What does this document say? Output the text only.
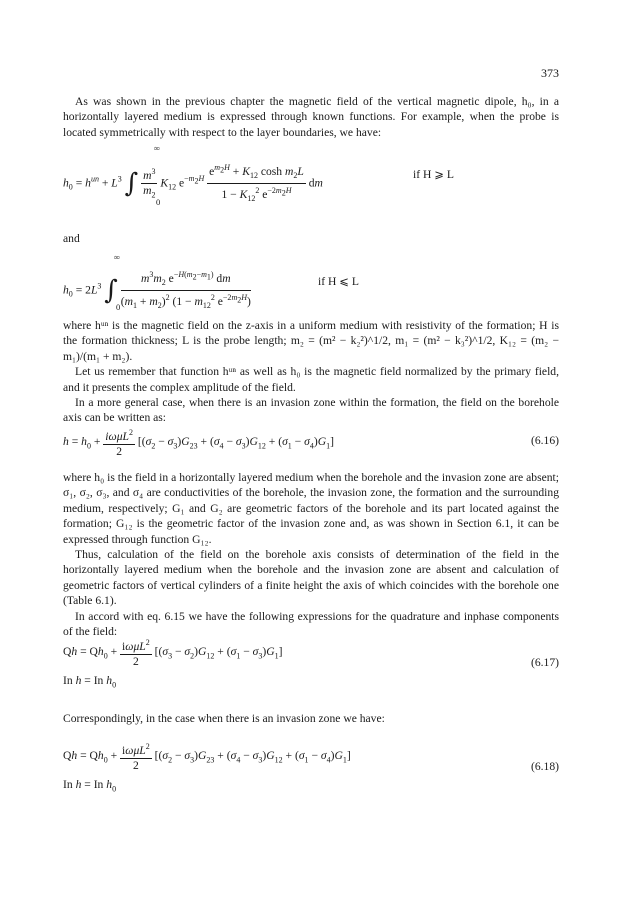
373

As was shown in the previous chapter the magnetic field of the vertical magnetic dipole, h₀, in a horizontally layered medium is expressed through known functions. For example, when the probe is located symmetrically with respect to the layer boundaries, we have:

$h_0 = h^{un} + L^3$ ∫ $\frac{m^3}{m_2} K_{12}$ $e^{-m_2H} \frac{e^{m_2H} + K_{12} \cosh m_2L}{1 - K_{12}^2 e^{-2m_2H}}$ dm
∞
0
if H ⩾ L

and

$h_0 = 2L^3$ ∫ $\frac{m^3m_2 e^{-H(m_2-m_1)} dm}{(m_1 + m_2)^2 (1 - m_{12}^2 e^{-2m_2H})}$
∞
0
if H ⩽ L

where hᵘⁿ is the magnetic field on the z-axis in a uniform medium with resistivity of the formation; H is the formation thickness; L is the probe length; m₂ = (m² − k₂²)^1/2, m₁ = (m² − k₃²)^1/2, K₁₂ = (m₂ − m₁)/(m₁ + m₂).

Let us remember that function hᵘⁿ as well as h₀ is the magnetic field normalized by the primary field, and it presents the complex amplitude of the field.

In a more general case, when there is an invasion zone within the formation, the field on the borehole axis can be written as:

$h = h_0 + \frac{i\omega\mu L^2}{2} [(\sigma_2 - \sigma_3)G_{23} + (\sigma_4 - \sigma_3)G_{12} + (\sigma_1 - \sigma_4)G_1]$	(6.16)

where h₀ is the field in a horizontally layered medium when the borehole and the invasion zone are absent; σ₁, σ₂, σ₃, and σ₄ are conductivities of the borehole, the invasion zone, the formation and the surrounding medium, respectively; G₁ and G₂ are geometric factors of the borehole and its part located against the formation; G₁₂ is the geometric factor of the invasion zone and, as was shown in Section 6.1, it can be expressed through function G₁₂.

Thus, calculation of the field on the borehole axis consists of determination of the field in the horizontally layered medium when the borehole and the invasion zone are absent and calculation of geometric factors of vertical cylinders of a finite height the axis of which coincides with the borehole one (Table 6.1).

In accord with eq. 6.15 we have the following expressions for the quadrature and inphase components of the field:

$Qh = Qh_0 + \frac{i\omega\mu L^2}{2} [(\sigma_3 - \sigma_2)G_{12} + (\sigma_1 - \sigma_3)G_1]$
In h = In $h_0$
(6.17)

Correspondingly, in the case when there is an invasion zone we have:

$Qh = Qh_0 + \frac{i\omega\mu L^2}{2} [(\sigma_2 - \sigma_3)G_{23} + (\sigma_4 - \sigma_3)G_{12} + (\sigma_1 - \sigma_4)G_1]$
In h = In $h_0$
(6.18)
